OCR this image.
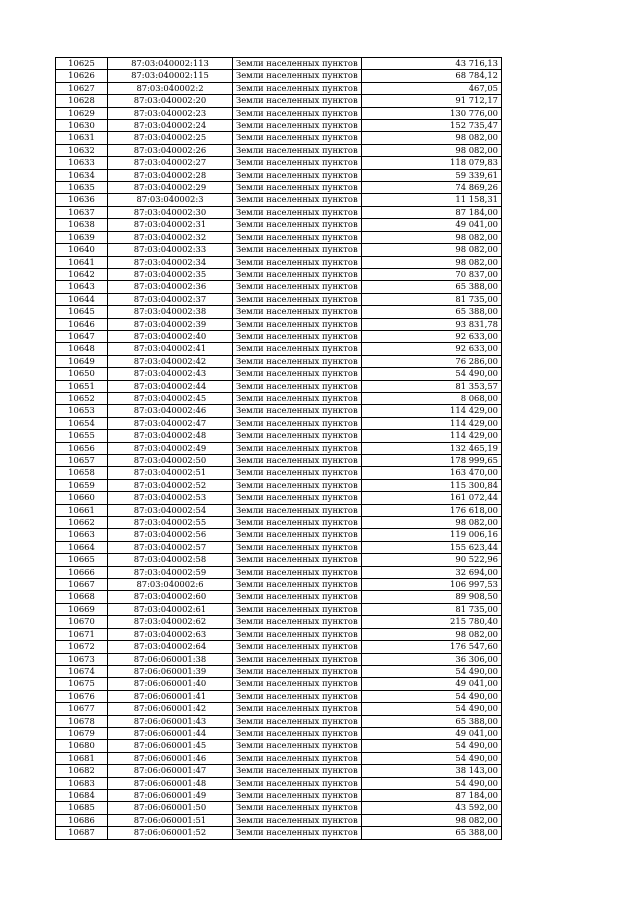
10625	87:03:040002:113	Земли населенных пунктов	43 716,13
10626	87:03:040002:115	Земли населенных пунктов	68 784,12
10627	87:03:040002:2	Земли населенных пунктов	467,05
10628	87:03:040002:20	Земли населенных пунктов	91 712,17
10629	87:03:040002:23	Земли населенных пунктов	130 776,00
10630	87:03:040002:24	Земли населенных пунктов	152 735,47
10631	87:03:040002:25	Земли населенных пунктов	98 082,00
10632	87:03:040002:26	Земли населенных пунктов	98 082,00
10633	87:03:040002:27	Земли населенных пунктов	118 079,83
10634	87:03:040002:28	Земли населенных пунктов	59 339,61
10635	87:03:040002:29	Земли населенных пунктов	74 869,26
10636	87:03:040002:3	Земли населенных пунктов	11 158,31
10637	87:03:040002:30	Земли населенных пунктов	87 184,00
10638	87:03:040002:31	Земли населенных пунктов	49 041,00
10639	87:03:040002:32	Земли населенных пунктов	98 082,00
10640	87:03:040002:33	Земли населенных пунктов	98 082,00
10641	87:03:040002:34	Земли населенных пунктов	98 082,00
10642	87:03:040002:35	Земли населенных пунктов	70 837,00
10643	87:03:040002:36	Земли населенных пунктов	65 388,00
10644	87:03:040002:37	Земли населенных пунктов	81 735,00
10645	87:03:040002:38	Земли населенных пунктов	65 388,00
10646	87:03:040002:39	Земли населенных пунктов	93 831,78
10647	87:03:040002:40	Земли населенных пунктов	92 633,00
10648	87:03:040002:41	Земли населенных пунктов	92 633,00
10649	87:03:040002:42	Земли населенных пунктов	76 286,00
10650	87:03:040002:43	Земли населенных пунктов	54 490,00
10651	87:03:040002:44	Земли населенных пунктов	81 353,57
10652	87:03:040002:45	Земли населенных пунктов	8 068,00
10653	87:03:040002:46	Земли населенных пунктов	114 429,00
10654	87:03:040002:47	Земли населенных пунктов	114 429,00
10655	87:03:040002:48	Земли населенных пунктов	114 429,00
10656	87:03:040002:49	Земли населенных пунктов	132 465,19
10657	87:03:040002:50	Земли населенных пунктов	178 999,65
10658	87:03:040002:51	Земли населенных пунктов	163 470,00
10659	87:03:040002:52	Земли населенных пунктов	115 300,84
10660	87:03:040002:53	Земли населенных пунктов	161 072,44
10661	87:03:040002:54	Земли населенных пунктов	176 618,00
10662	87:03:040002:55	Земли населенных пунктов	98 082,00
10663	87:03:040002:56	Земли населенных пунктов	119 006,16
10664	87:03:040002:57	Земли населенных пунктов	155 623,44
10665	87:03:040002:58	Земли населенных пунктов	90 522,96
10666	87:03:040002:59	Земли населенных пунктов	32 694,00
10667	87:03:040002:6	Земли населенных пунктов	106 997,53
10668	87:03:040002:60	Земли населенных пунктов	89 908,50
10669	87:03:040002:61	Земли населенных пунктов	81 735,00
10670	87:03:040002:62	Земли населенных пунктов	215 780,40
10671	87:03:040002:63	Земли населенных пунктов	98 082,00
10672	87:03:040002:64	Земли населенных пунктов	176 547,60
10673	87:06:060001:38	Земли населенных пунктов	36 306,00
10674	87:06:060001:39	Земли населенных пунктов	54 490,00
10675	87:06:060001:40	Земли населенных пунктов	49 041,00
10676	87:06:060001:41	Земли населенных пунктов	54 490,00
10677	87:06:060001:42	Земли населенных пунктов	54 490,00
10678	87:06:060001:43	Земли населенных пунктов	65 388,00
10679	87:06:060001:44	Земли населенных пунктов	49 041,00
10680	87:06:060001:45	Земли населенных пунктов	54 490,00
10681	87:06:060001:46	Земли населенных пунктов	54 490,00
10682	87:06:060001:47	Земли населенных пунктов	38 143,00
10683	87:06:060001:48	Земли населенных пунктов	54 490,00
10684	87:06:060001:49	Земли населенных пунктов	87 184,00
10685	87:06:060001:50	Земли населенных пунктов	43 592,00
10686	87:06:060001:51	Земли населенных пунктов	98 082,00
10687	87:06:060001:52	Земли населенных пунктов	65 388,00
